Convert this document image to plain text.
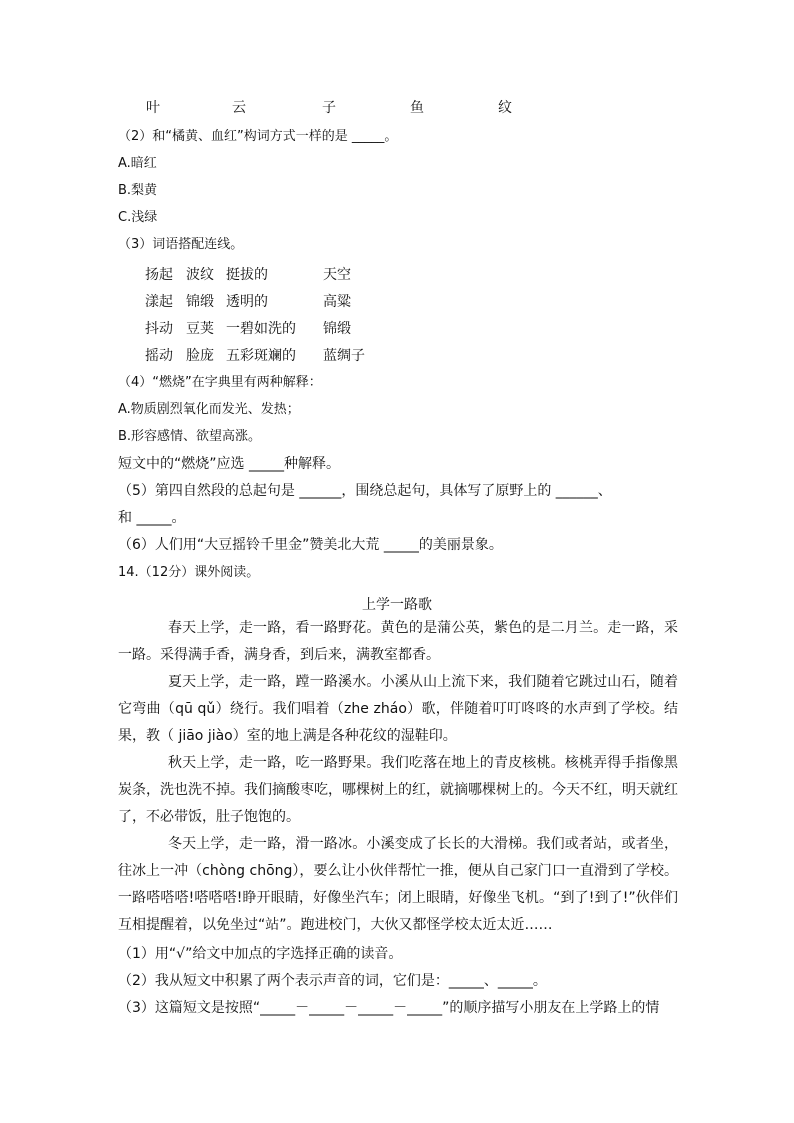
叶	云	子	鱼	纹
（2）和“橘黄、血红”构词方式一样的是 _____。
A.暗红
B.梨黄
C.浅绿
（3）词语搭配连线。
扬起 波纹 挺拔的	天空
漾起 锦缎 透明的	高粱
抖动 豆荚 一碧如洗的 锦缎
摇动 脸庞 五彩斑斓的 蓝绸子
（4）“燃烧”在字典里有两种解释：
A.物质剧烈氧化而发光、发热；
B.形容感情、欲望高涨。
短文中的“燃烧”应选 _____种解释。
（5）第四自然段的总起句是 ______，围绕总起句，具体写了原野上的 ______、
和 _____。
（6）人们用“大豆摇铃千里金”赞美北大荒 _____的美丽景象。
14.（12分）课外阅读。
上学一路歌

春天上学，走一路，看一路野花。黄色的是蒲公英，紫色的是二月兰。走一路，采一路。采得满手香，满身香，到后来，满教室都香。

夏天上学，走一路，蹚一路溪水。小溪从山上流下来，我们随着它跳过山石，随着它弯曲（qū qǔ）绕行。我们唱着（zhe zháo）歌，伴随着叮叮咚咚的水声到了学校。结果，教（ jiāo jiào）室的地上满是各种花纹的湿鞋印。

秋天上学，走一路，吃一路野果。我们吃落在地上的青皮核桃。核桃弄得手指像黑炭条，洗也洗不掉。我们摘酸枣吃，哪棵树上的红，就摘哪棵树上的。今天不红，明天就红了，不必带饭，肚子饱饱的。

冬天上学，走一路，滑一路冰。小溪变成了长长的大滑梯。我们或者站，或者坐，往冰上一冲（chòng chōng），要么让小伙伴帮忙一推，便从自己家门口一直滑到了学校。一路嗒嗒嗒!嗒嗒嗒!睁开眼睛，好像坐汽车；闭上眼睛，好像坐飞机。“到了!到了!”伙伴们互相提醒着，以免坐过“站”。跑进校门，大伙又都怪学校太近太近……

（1）用“√”给文中加点的字选择正确的读音。
（2）我从短文中积累了两个表示声音的词，它们是：_____、_____。
（3）这篇短文是按照“_____－_____－_____－_____”的顺序描写小朋友在上学路上的情
